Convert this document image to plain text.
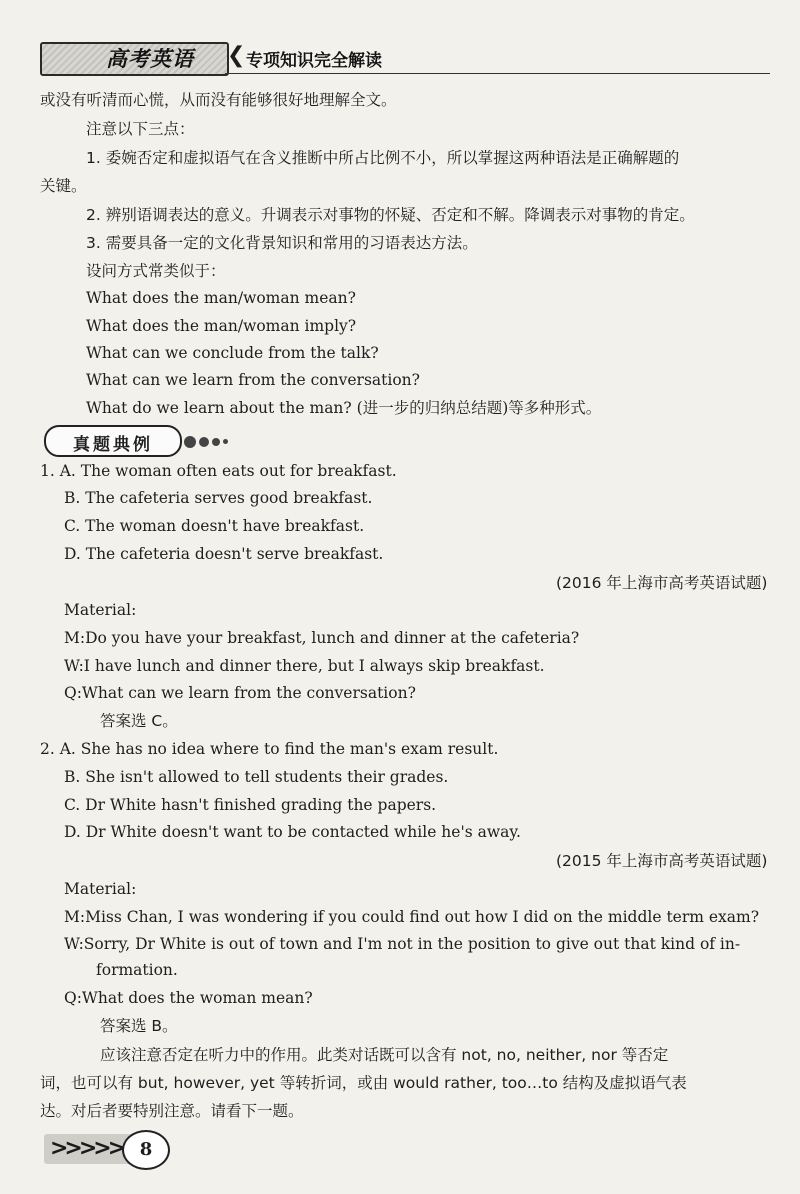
高考英语 ❮ 专项知识完全解读
或没有听清而心慌，从而没有能够很好地理解全文。
注意以下三点：
1. 委婉否定和虚拟语气在含义推断中所占比例不小，所以掌握这两种语法是正确解题的
关键。
2. 辨别语调表达的意义。升调表示对事物的怀疑、否定和不解。降调表示对事物的肯定。
3. 需要具备一定的文化背景知识和常用的习语表达方法。
设问方式常类似于：
What does the man/woman mean?
What does the man/woman imply?
What can we conclude from the talk?
What can we learn from the conversation?
What do we learn about the man? (进一步的归纳总结题)等多种形式。
真题典例
1. A. The woman often eats out for breakfast.
B. The cafeteria serves good breakfast.
C. The woman doesn't have breakfast.
D. The cafeteria doesn't serve breakfast.
(2016 年上海市高考英语试题)
Material:
M:Do you have your breakfast, lunch and dinner at the cafeteria?
W:I have lunch and dinner there, but I always skip breakfast.
Q:What can we learn from the conversation?
答案选 C。
2. A. She has no idea where to find the man's exam result.
B. She isn't allowed to tell students their grades.
C. Dr White hasn't finished grading the papers.
D. Dr White doesn't want to be contacted while he's away.
(2015 年上海市高考英语试题)
Material:
M:Miss Chan, I was wondering if you could find out how I did on the middle term exam?
W:Sorry, Dr White is out of town and I'm not in the position to give out that kind of in-
formation.
Q:What does the woman mean?
答案选 B。
应该注意否定在听力中的作用。此类对话既可以含有 not, no, neither, nor 等否定
词，也可以有 but, however, yet 等转折词，或由 would rather, too…to 结构及虚拟语气表
达。对后者要特别注意。请看下一题。
>>>>> 8
